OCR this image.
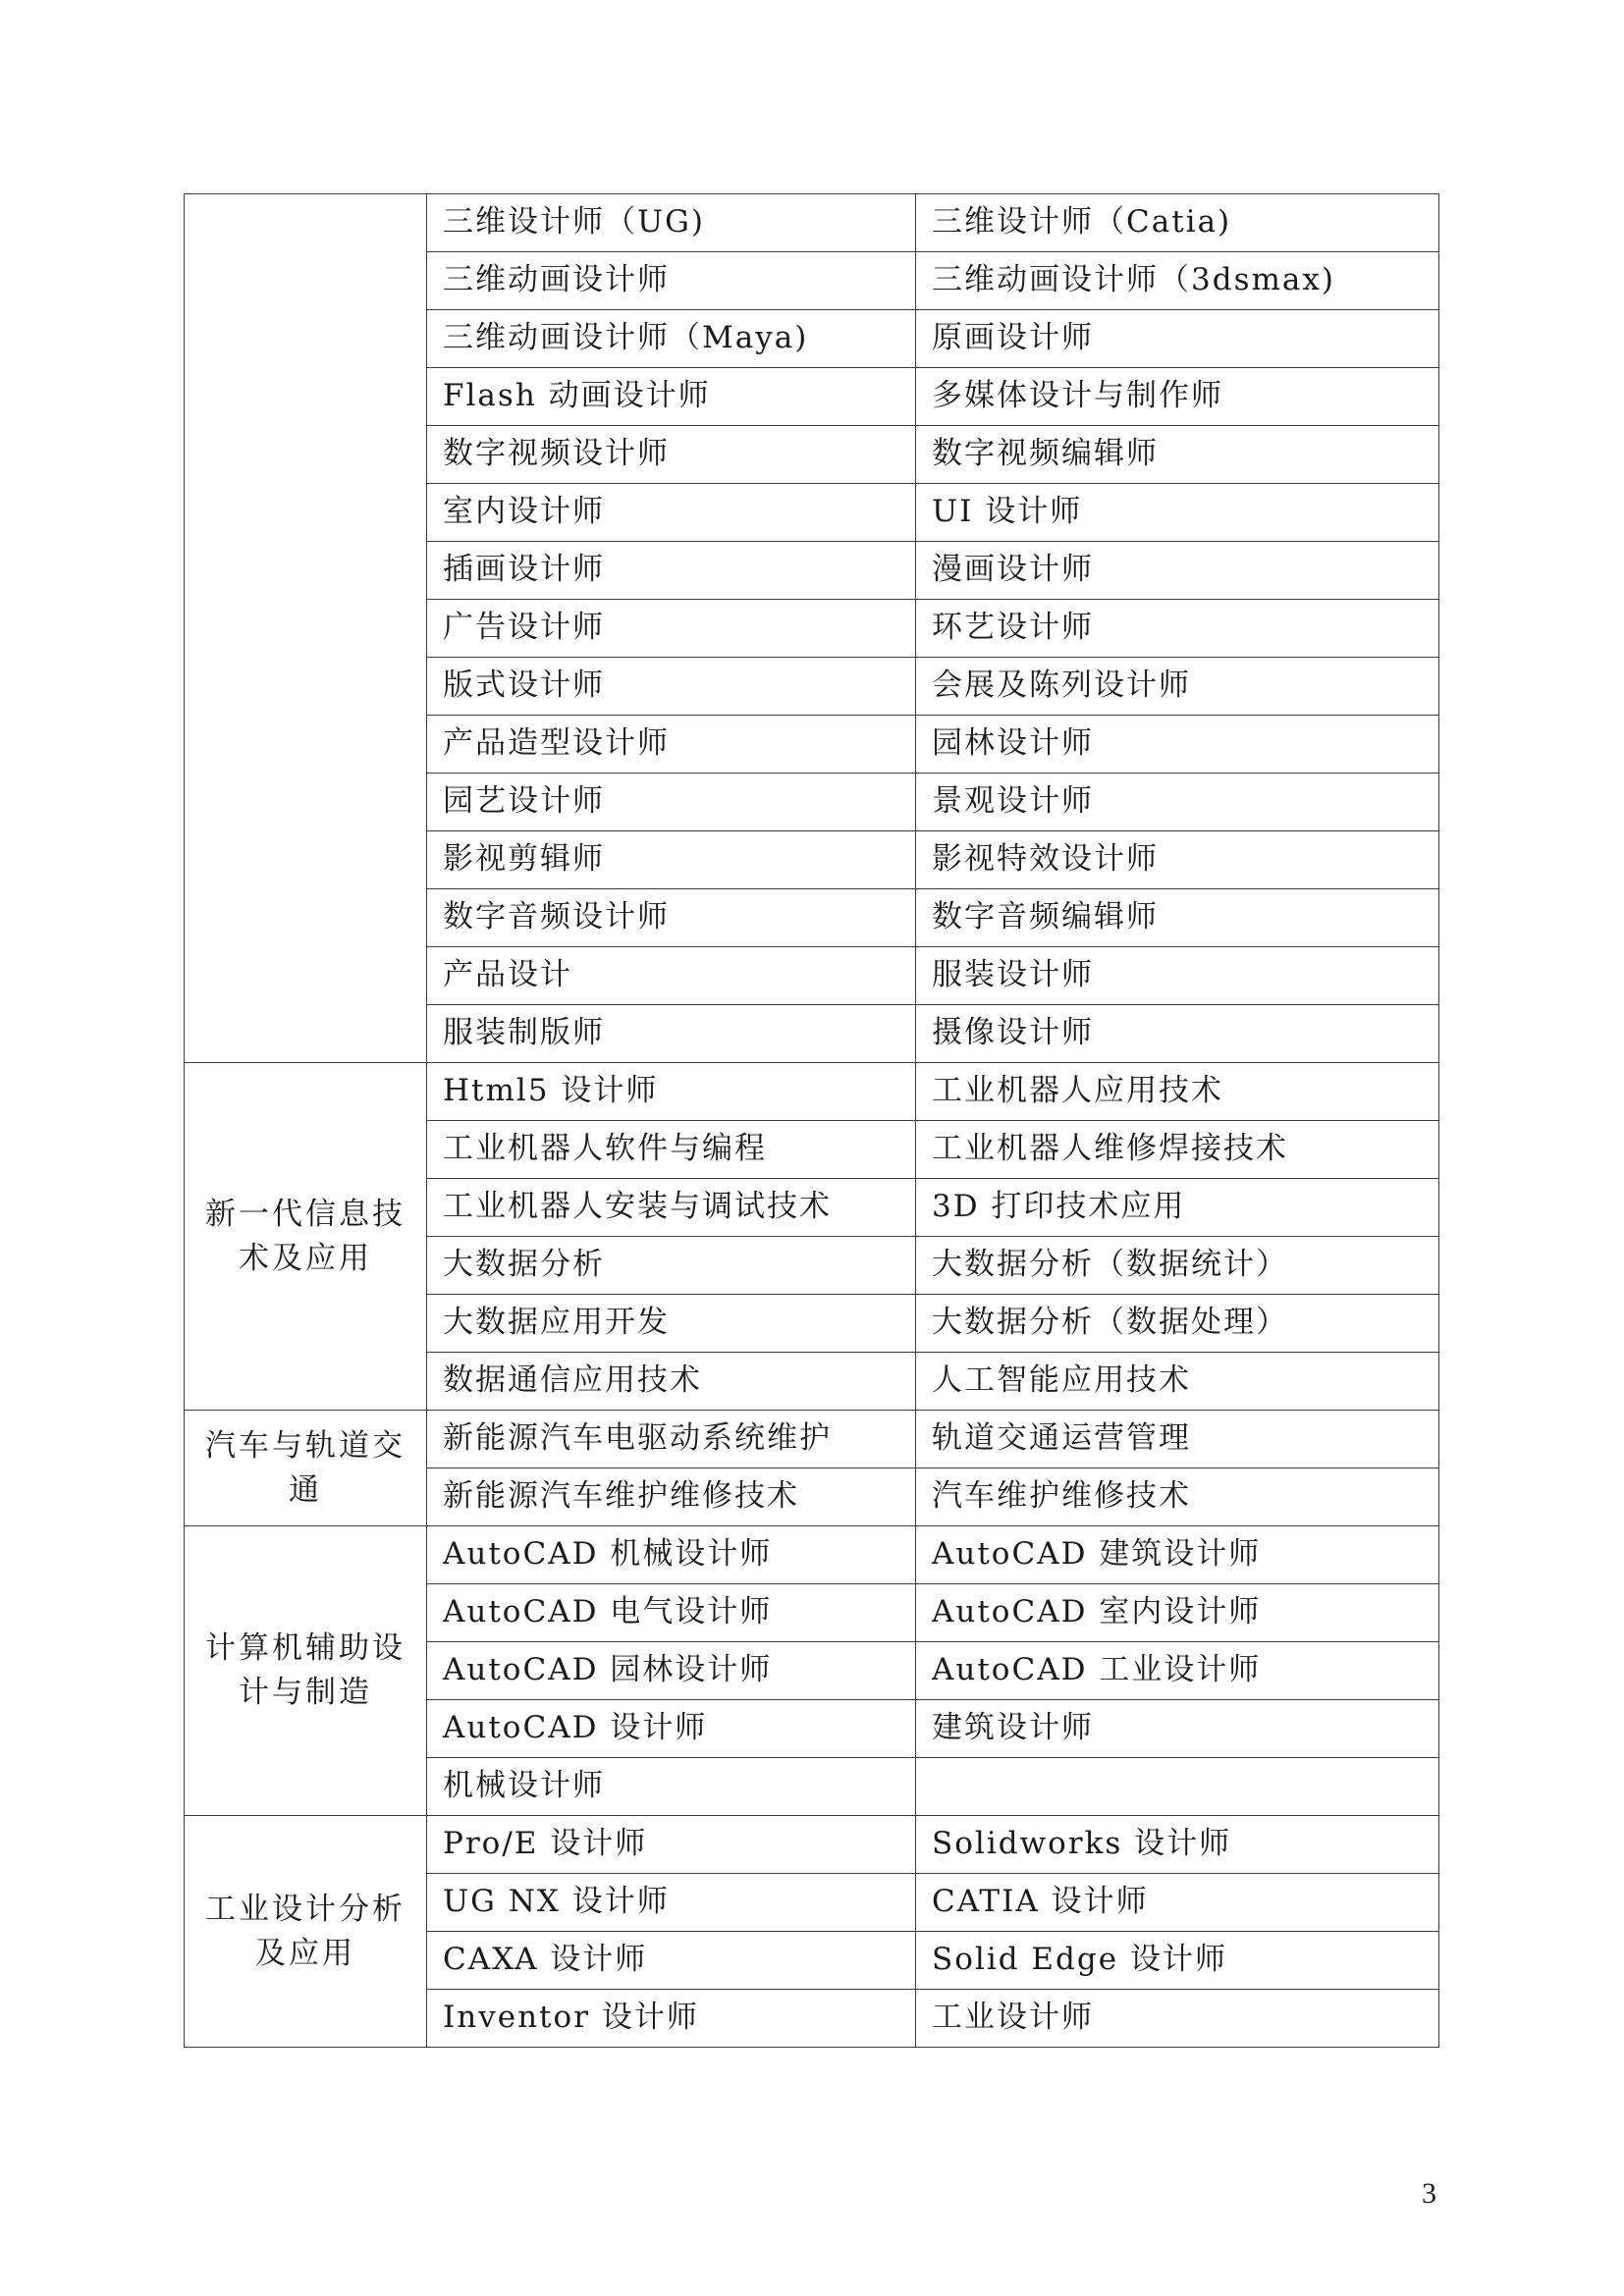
	三维设计师（UG)	三维设计师（Catia)
	三维动画设计师	三维动画设计师（3dsmax)
	三维动画设计师（Maya)	原画设计师
	Flash 动画设计师	多媒体设计与制作师
	数字视频设计师	数字视频编辑师
	室内设计师	UI 设计师
	插画设计师	漫画设计师
	广告设计师	环艺设计师
	版式设计师	会展及陈列设计师
	产品造型设计师	园林设计师
	园艺设计师	景观设计师
	影视剪辑师	影视特效设计师
	数字音频设计师	数字音频编辑师
	产品设计	服装设计师
	服装制版师	摄像设计师
新一代信息技术及应用	Html5 设计师	工业机器人应用技术
	工业机器人软件与编程	工业机器人维修焊接技术
	工业机器人安装与调试技术	3D 打印技术应用
	大数据分析	大数据分析（数据统计）
	大数据应用开发	大数据分析（数据处理）
	数据通信应用技术	人工智能应用技术
汽车与轨道交通	新能源汽车电驱动系统维护	轨道交通运营管理
	新能源汽车维护维修技术	汽车维护维修技术
计算机辅助设计与制造	AutoCAD 机械设计师	AutoCAD 建筑设计师
	AutoCAD 电气设计师	AutoCAD 室内设计师
	AutoCAD 园林设计师	AutoCAD 工业设计师
	AutoCAD 设计师	建筑设计师
	机械设计师	
工业设计分析及应用	Pro/E 设计师	Solidworks 设计师
	UG NX 设计师	CATIA 设计师
	CAXA 设计师	Solid Edge 设计师
	Inventor 设计师	工业设计师
3
